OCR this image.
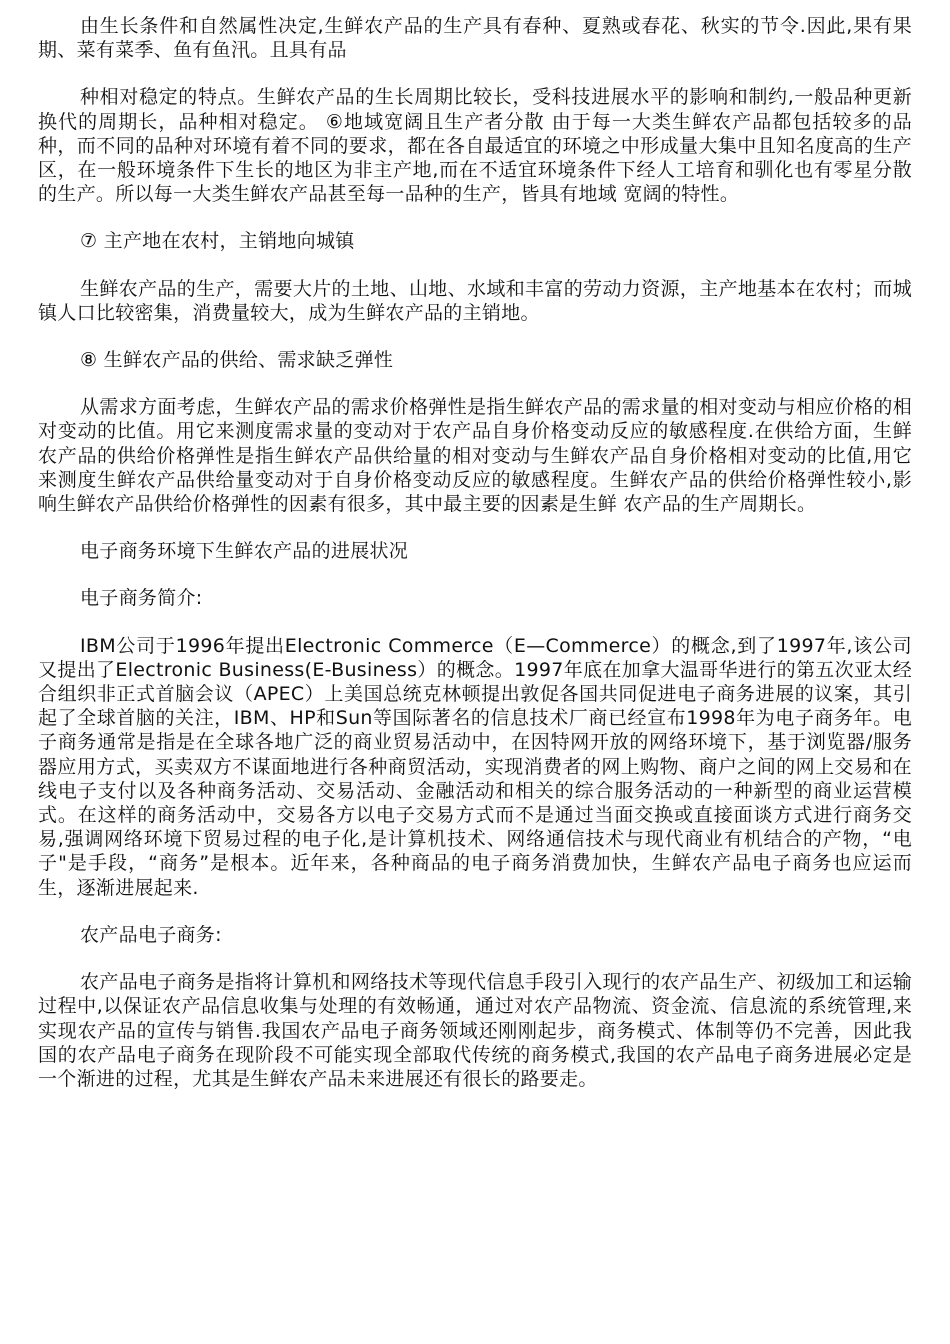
由生长条件和自然属性决定,生鲜农产品的生产具有春种、夏熟或春花、秋实的节令.因此,果有果期、菜有菜季、鱼有鱼汛。且具有品

种相对稳定的特点。生鲜农产品的生长周期比较长，受科技进展水平的影响和制约,一般品种更新换代的周期长，品种相对稳定。 ⑥地域宽阔且生产者分散 由于每一大类生鲜农产品都包括较多的品种，而不同的品种对环境有着不同的要求，都在各自最适宜的环境之中形成量大集中且知名度高的生产区，在一般环境条件下生长的地区为非主产地,而在不适宜环境条件下经人工培育和驯化也有零星分散的生产。所以每一大类生鲜农产品甚至每一品种的生产，皆具有地域 宽阔的特性。

⑦ 主产地在农村，主销地向城镇

生鲜农产品的生产，需要大片的土地、山地、水域和丰富的劳动力资源，主产地基本在农村；而城镇人口比较密集，消费量较大，成为生鲜农产品的主销地。

⑧ 生鲜农产品的供给、需求缺乏弹性

从需求方面考虑，生鲜农产品的需求价格弹性是指生鲜农产品的需求量的相对变动与相应价格的相对变动的比值。用它来测度需求量的变动对于农产品自身价格变动反应的敏感程度.在供给方面，生鲜农产品的供给价格弹性是指生鲜农产品供给量的相对变动与生鲜农产品自身价格相对变动的比值,用它来测度生鲜农产品供给量变动对于自身价格变动反应的敏感程度。生鲜农产品的供给价格弹性较小,影响生鲜农产品供给价格弹性的因素有很多，其中最主要的因素是生鲜 农产品的生产周期长。

电子商务环境下生鲜农产品的进展状况

电子商务简介:

IBM公司于1996年提出Electronic Commerce（E—Commerce）的概念,到了1997年,该公司又提出了Electronic Business(E-Business）的概念。1997年底在加拿大温哥华进行的第五次亚太经合组织非正式首脑会议（APEC）上美国总统克林顿提出敦促各国共同促进电子商务进展的议案，其引起了全球首脑的关注，IBM、HP和Sun等国际著名的信息技术厂商已经宣布1998年为电子商务年。电子商务通常是指是在全球各地广泛的商业贸易活动中，在因特网开放的网络环境下，基于浏览器/服务器应用方式，买卖双方不谋面地进行各种商贸活动，实现消费者的网上购物、商户之间的网上交易和在线电子支付以及各种商务活动、交易活动、金融活动和相关的综合服务活动的一种新型的商业运营模式。在这样的商务活动中，交易各方以电子交易方式而不是通过当面交换或直接面谈方式进行商务交易,强调网络环境下贸易过程的电子化,是计算机技术、网络通信技术与现代商业有机结合的产物，“电子"是手段，“商务”是根本。近年来，各种商品的电子商务消费加快，生鲜农产品电子商务也应运而生，逐渐进展起来.

农产品电子商务:

农产品电子商务是指将计算机和网络技术等现代信息手段引入现行的农产品生产、初级加工和运输过程中,以保证农产品信息收集与处理的有效畅通，通过对农产品物流、资金流、信息流的系统管理,来实现农产品的宣传与销售.我国农产品电子商务领域还刚刚起步，商务模式、体制等仍不完善，因此我国的农产品电子商务在现阶段不可能实现全部取代传统的商务模式,我国的农产品电子商务进展必定是一个渐进的过程，尤其是生鲜农产品未来进展还有很长的路要走。
